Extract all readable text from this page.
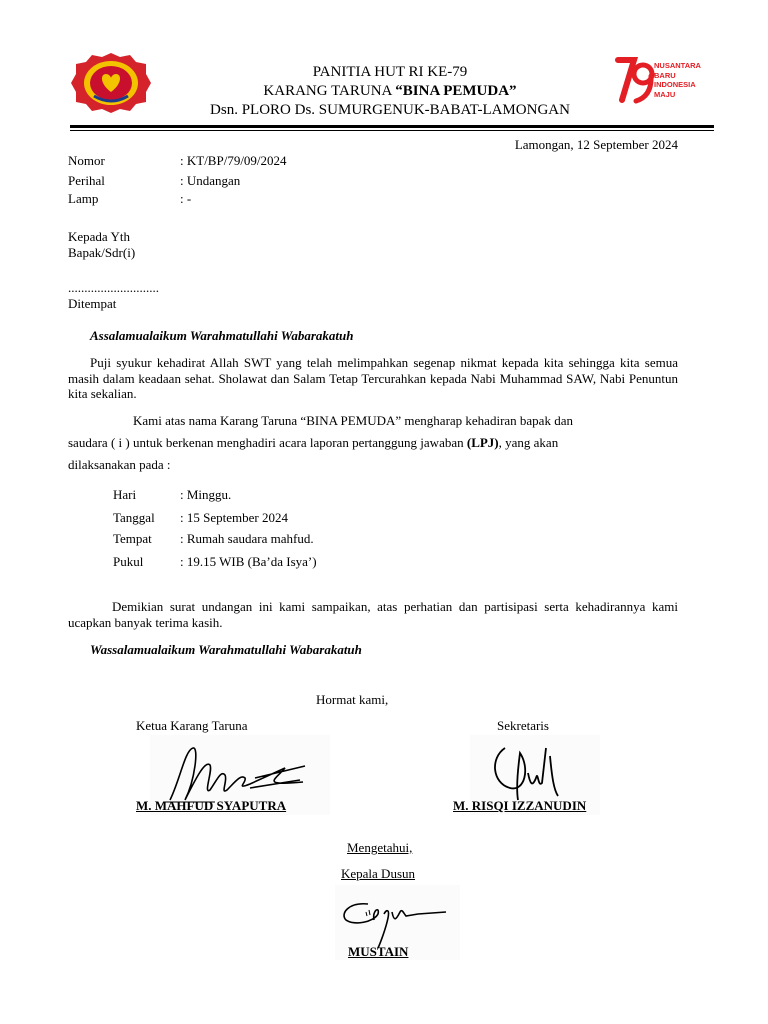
PANITIA HUT RI KE-79
KARANG TARUNA “BINA PEMUDA”
Dsn. PLORO Ds. SUMURGENUK-BABAT-LAMONGAN
NUSANTARA
BARU
INDONESIA
MAJU
Lamongan, 12 September 2024
Nomor	: KT/BP/79/09/2024
Perihal	: Undangan
Lamp	: -
Kepada Yth
Bapak/Sdr(i)
............................
Ditempat
Assalamualaikum Warahmatullahi Wabarakatuh
Puji syukur kehadirat Allah SWT yang telah melimpahkan segenap nikmat kepada kita sehingga kita semua masih dalam keadaan sehat. Sholawat dan Salam Tetap Tercurahkan kepada Nabi Muhammad SAW, Nabi Penuntun kita sekalian.
Kami atas nama Karang Taruna “BINA PEMUDA” mengharap kehadiran bapak dan
saudara ( i ) untuk berkenan menghadiri acara laporan pertanggung jawaban (LPJ), yang akan
dilaksanakan pada :
Hari	: Minggu.
Tanggal : 15 September 2024
Tempat : Rumah saudara mahfud.
Pukul	: 19.15 WIB (Ba’da Isya’)
Demikian surat undangan ini kami sampaikan, atas perhatian dan partisipasi serta kehadirannya kami ucapkan banyak terima kasih.
Wassalamualaikum Warahmatullahi Wabarakatuh
Hormat kami,
Ketua Karang Taruna
M. MAHFUD SYAPUTRA
Sekretaris
M. RISQI IZZANUDIN
Mengetahui,
Kepala Dusun
MUSTAIN
